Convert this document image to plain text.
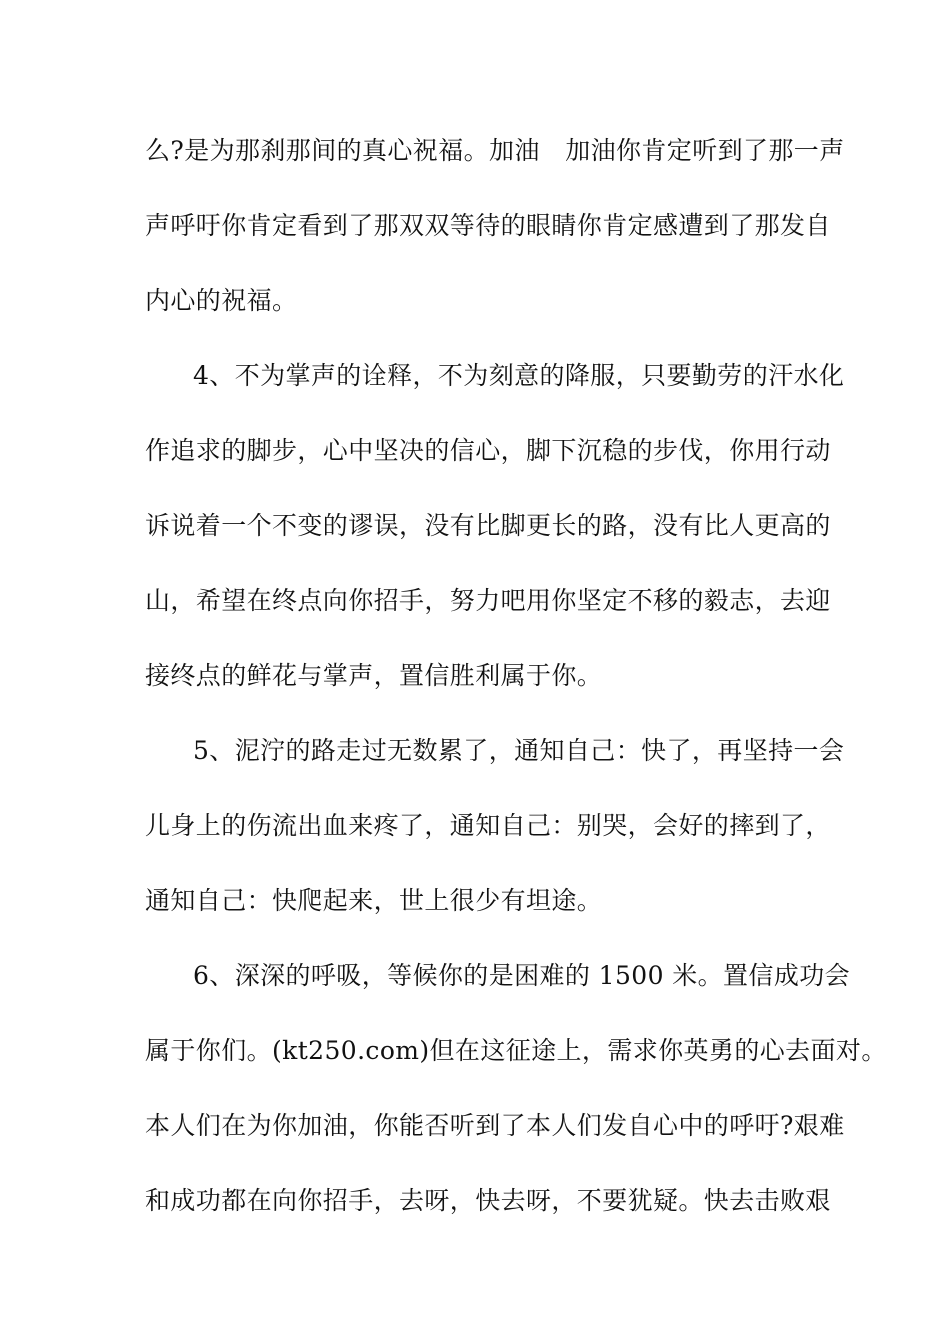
么?是为那刹那间的真心祝福。加油　加油你肯定听到了那一声
声呼吁你肯定看到了那双双等待的眼睛你肯定感遭到了那发自
内心的祝福。
4、不为掌声的诠释，不为刻意的降服，只要勤劳的汗水化
作追求的脚步，心中坚决的信心，脚下沉稳的步伐，你用行动
诉说着一个不变的谬误，没有比脚更长的路，没有比人更高的
山，希望在终点向你招手，努力吧用你坚定不移的毅志，去迎
接终点的鲜花与掌声，置信胜利属于你。
5、泥泞的路走过无数累了，通知自己：快了，再坚持一会
儿身上的伤流出血来疼了，通知自己：别哭，会好的摔到了，
通知自己：快爬起来，世上很少有坦途。
6、深深的呼吸，等候你的是困难的 1500 米。置信成功会
属于你们。(kt250.com)但在这征途上，需求你英勇的心去面对。
本人们在为你加油，你能否听到了本人们发自心中的呼吁?艰难
和成功都在向你招手，去呀，快去呀，不要犹疑。快去击败艰
